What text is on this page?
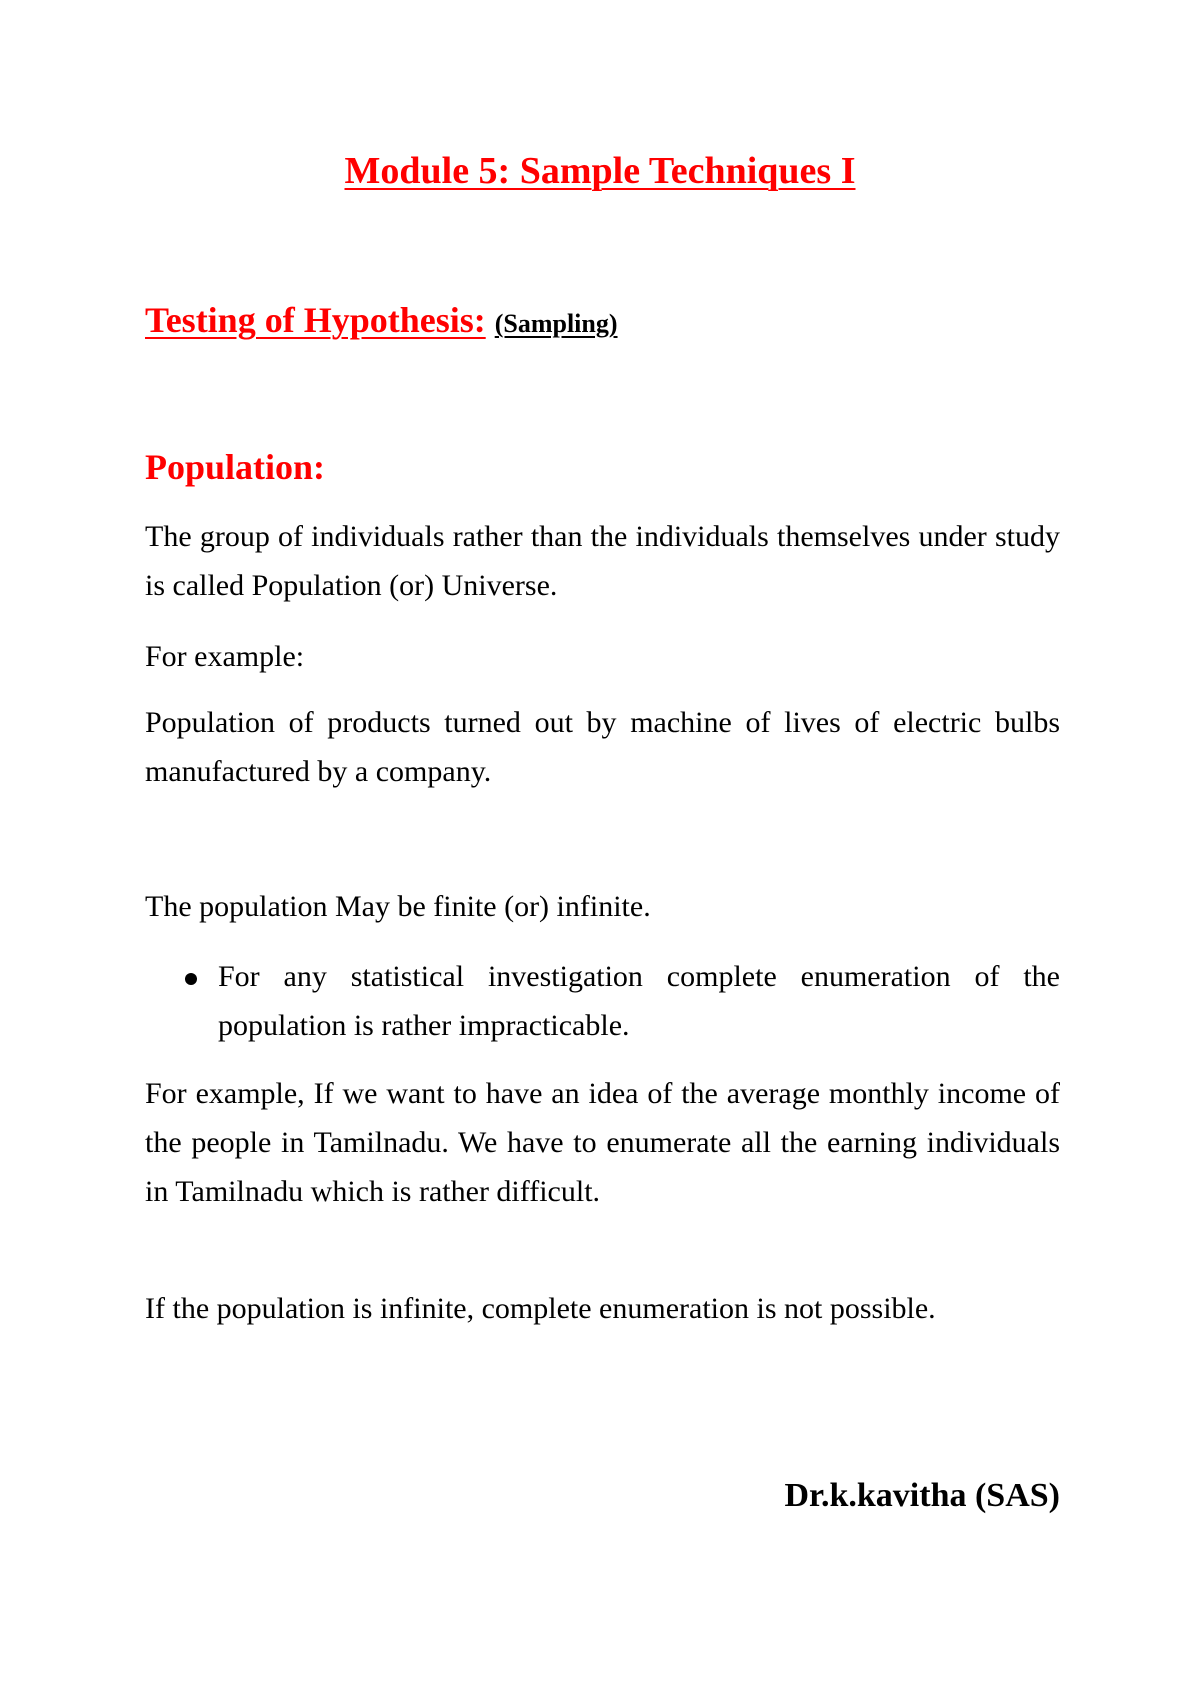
Module 5: Sample Techniques I
Testing of Hypothesis: (Sampling)
Population:

The group of individuals rather than the individuals themselves under study is called Population (or) Universe.

For example:

Population of products turned out by machine of lives of electric bulbs manufactured by a company.

The population May be finite (or) infinite.

For any statistical investigation complete enumeration of the population is rather impracticable.

For example, If we want to have an idea of the average monthly income of the people in Tamilnadu. We have to enumerate all the earning individuals in Tamilnadu which is rather difficult.

If the population is infinite, complete enumeration is not possible.

Dr.k.kavitha (SAS)
